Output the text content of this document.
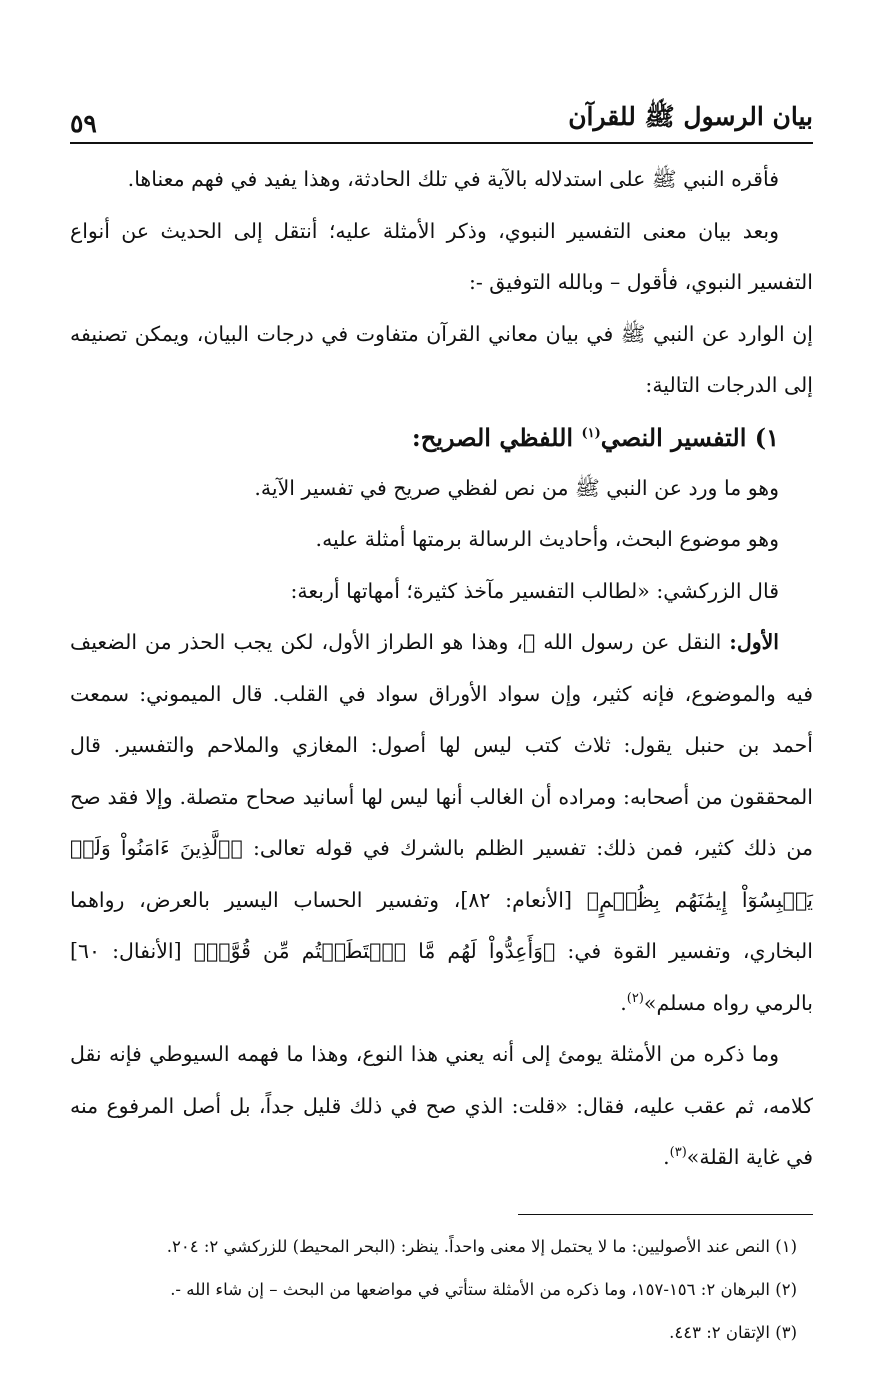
بيان الرسول ﷺ للقرآن
٥٩

فأقره النبي ﷺ على استدلاله بالآية في تلك الحادثة، وهذا يفيد في فهم معناها.

وبعد بيان معنى التفسير النبوي، وذكر الأمثلة عليه؛ أنتقل إلى الحديث عن أنواع التفسير النبوي، فأقول – وبالله التوفيق -:

إن الوارد عن النبي ﷺ في بيان معاني القرآن متفاوت في درجات البيان، ويمكن تصنيفه إلى الدرجات التالية:

١) التفسير النصي$^{(١)}$ اللفظي الصريح:

وهو ما ورد عن النبي ﷺ من نص لفظي صريح في تفسير الآية.

وهو موضوع البحث، وأحاديث الرسالة برمتها أمثلة عليه.

قال الزركشي: «لطالب التفسير مآخذ كثيرة؛ أمهاتها أربعة:

الأول: النقل عن رسول الله ﷺ، وهذا هو الطراز الأول، لكن يجب الحذر من الضعيف فيه والموضوع، فإنه كثير، وإن سواد الأوراق سواد في القلب. قال الميموني: سمعت أحمد بن حنبل يقول: ثلاث كتب ليس لها أصول: المغازي والملاحم والتفسير. قال المحققون من أصحابه: ومراده أن الغالب أنها ليس لها أسانيد صحاح متصلة. وإلا فقد صح من ذلك كثير، فمن ذلك: تفسير الظلم بالشرك في قوله تعالى: ﴿ٱلَّذِينَ ءَامَنُواْ وَلَمۡ يَلۡبِسُوٓاْ إِيمَٰنَهُم بِظُلۡمٍ﴾ [الأنعام: ٨٢]، وتفسير الحساب اليسير بالعرض، رواهما البخاري، وتفسير القوة في: ﴿وَأَعِدُّواْ لَهُم مَّا ٱسۡتَطَعۡتُم مِّن قُوَّةٖ﴾ [الأنفال: ٦٠] بالرمي رواه مسلم»$^{(٢)}$.

وما ذكره من الأمثلة يومئ إلى أنه يعني هذا النوع، وهذا ما فهمه السيوطي فإنه نقل كلامه، ثم عقب عليه، فقال: «قلت: الذي صح في ذلك قليل جداً، بل أصل المرفوع منه في غاية القلة»$^{(٣)}$.

(١) النص عند الأصوليين: ما لا يحتمل إلا معنى واحداً. ينظر: (البحر المحيط) للزركشي ٢: ٢٠٤.

(٢) البرهان ٢: ١٥٦-١٥٧، وما ذكره من الأمثلة ستأتي في مواضعها من البحث – إن شاء الله -.

(٣) الإتقان ٢: ٤٤٣.
